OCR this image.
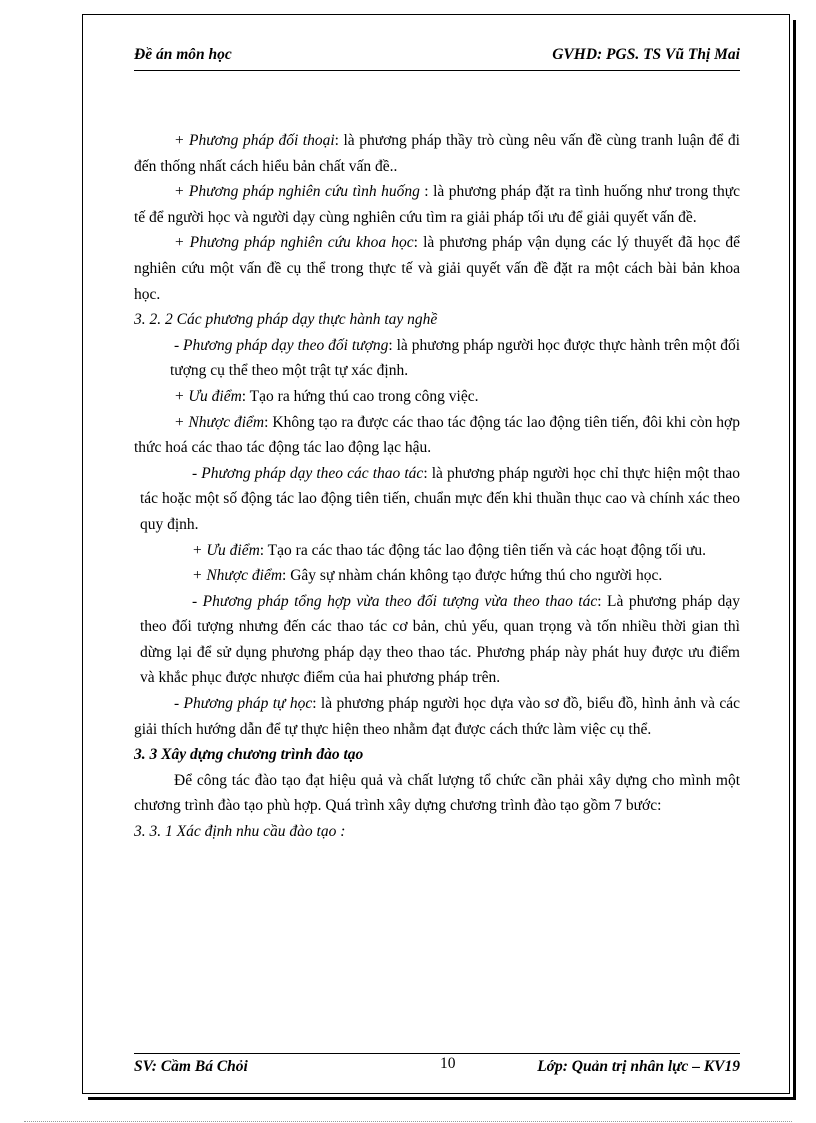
Đề án môn học	GVHD: PGS. TS Vũ Thị Mai

+ Phương pháp đối thoại: là phương pháp thầy trò cùng nêu vấn đề cùng tranh luận để đi đến thống nhất cách hiểu bản chất vấn đề..

+ Phương pháp nghiên cứu tình huống : là phương pháp đặt ra tình huống như trong thực tế để người học và người dạy cùng nghiên cứu tìm ra giải pháp tối ưu để giải quyết vấn đề.

+ Phương pháp nghiên cứu khoa học: là phương pháp vận dụng các lý thuyết đã học để nghiên cứu một vấn đề cụ thể trong thực tế và giải quyết vấn đề đặt ra một cách bài bản khoa học.

3. 2. 2 Các phương pháp dạy thực hành tay nghề

- Phương pháp dạy theo đối tượng: là phương pháp người học được thực hành trên một đối tượng cụ thể theo một trật tự xác định.

+ Ưu điểm: Tạo ra hứng thú cao trong công việc.

+ Nhược điểm: Không tạo ra được các thao tác động tác lao động tiên tiến, đôi khi còn hợp thức hoá các thao tác động tác lao động lạc hậu.

- Phương pháp dạy theo các thao tác: là phương pháp người học chỉ thực hiện một thao tác hoặc một số động tác lao động tiên tiến, chuẩn mực đến khi thuần thục cao và chính xác theo quy định.

+ Ưu điểm: Tạo ra các thao tác động tác lao động tiên tiến và các hoạt động tối ưu.

+ Nhược điểm: Gây sự nhàm chán không tạo được hứng thú cho người học.

- Phương pháp tổng hợp vừa theo đối tượng vừa theo thao tác: Là phương pháp dạy theo đối tượng nhưng đến các thao tác cơ bản, chủ yếu, quan trọng và tốn nhiều thời gian thì dừng lại để sử dụng phương pháp dạy theo thao tác. Phương pháp này phát huy được ưu điểm và khắc phục được nhược điểm của hai phương pháp trên.

- Phương pháp tự học: là phương pháp người học dựa vào sơ đồ, biểu đồ, hình ảnh và các giải thích hướng dẫn để tự thực hiện theo nhằm đạt được cách thức làm việc cụ thể.

3. 3 Xây dựng chương trình đào tạo

Để công tác đào tạo đạt hiệu quả và chất lượng tổ chức cần phải xây dựng cho mình một chương trình đào tạo phù hợp. Quá trình xây dựng chương trình đào tạo gồm 7 bước:

3. 3. 1 Xác định nhu cầu đào tạo :

SV: Cầm Bá Chỏi	10	Lớp: Quản trị nhân lực – KV19
